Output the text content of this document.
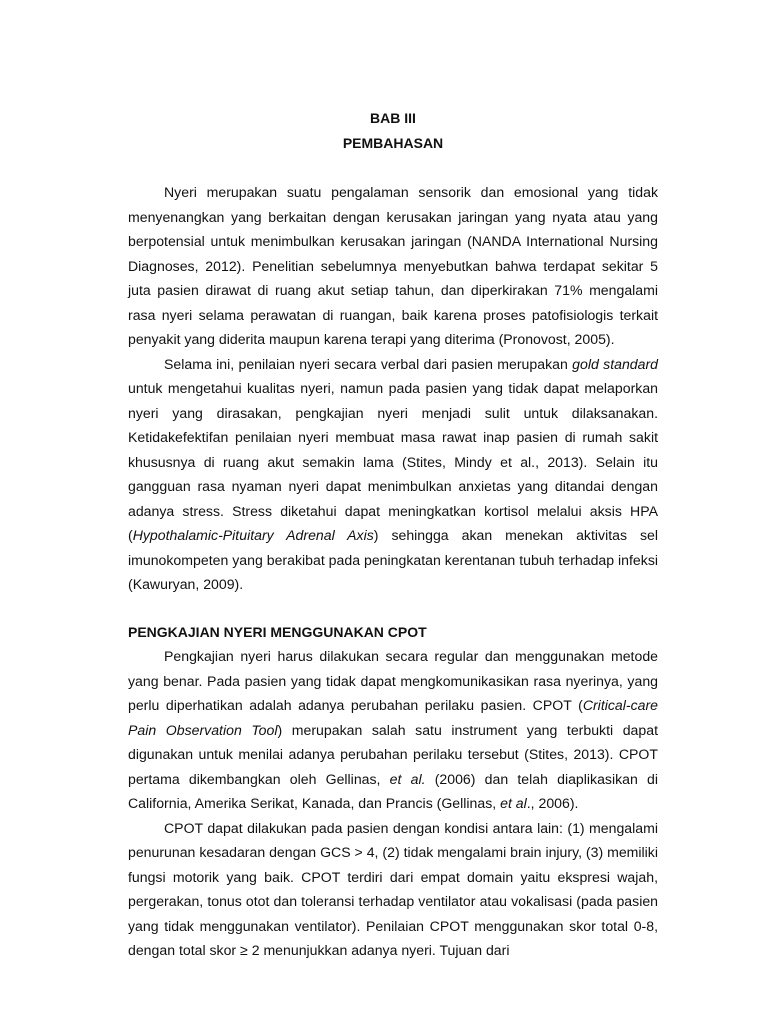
BAB III

PEMBAHASAN

Nyeri merupakan suatu pengalaman sensorik dan emosional yang tidak menyenangkan yang berkaitan dengan kerusakan jaringan yang nyata atau yang berpotensial untuk menimbulkan kerusakan jaringan (NANDA International Nursing Diagnoses, 2012). Penelitian sebelumnya menyebutkan bahwa terdapat sekitar 5 juta pasien dirawat di ruang akut setiap tahun, dan diperkirakan 71% mengalami rasa nyeri selama perawatan di ruangan, baik karena proses patofisiologis terkait penyakit yang diderita maupun karena terapi yang diterima (Pronovost, 2005).

Selama ini, penilaian nyeri secara verbal dari pasien merupakan gold standard untuk mengetahui kualitas nyeri, namun pada pasien yang tidak dapat melaporkan nyeri yang dirasakan, pengkajian nyeri menjadi sulit untuk dilaksanakan. Ketidakefektifan penilaian nyeri membuat masa rawat inap pasien di rumah sakit khususnya di ruang akut semakin lama (Stites, Mindy et al., 2013). Selain itu gangguan rasa nyaman nyeri dapat menimbulkan anxietas yang ditandai dengan adanya stress. Stress diketahui dapat meningkatkan kortisol melalui aksis HPA (Hypothalamic-Pituitary Adrenal Axis) sehingga akan menekan aktivitas sel imunokompeten yang berakibat pada peningkatan kerentanan tubuh terhadap infeksi (Kawuryan, 2009).

PENGKAJIAN NYERI MENGGUNAKAN CPOT

Pengkajian nyeri harus dilakukan secara regular dan menggunakan metode yang benar. Pada pasien yang tidak dapat mengkomunikasikan rasa nyerinya, yang perlu diperhatikan adalah adanya perubahan perilaku pasien. CPOT (Critical-care Pain Observation Tool) merupakan salah satu instrument yang terbukti dapat digunakan untuk menilai adanya perubahan perilaku tersebut (Stites, 2013). CPOT pertama dikembangkan oleh Gellinas, et al. (2006) dan telah diaplikasikan di California, Amerika Serikat, Kanada, dan Prancis (Gellinas, et al., 2006).

CPOT dapat dilakukan pada pasien dengan kondisi antara lain: (1) mengalami penurunan kesadaran dengan GCS > 4, (2) tidak mengalami brain injury, (3) memiliki fungsi motorik yang baik. CPOT terdiri dari empat domain yaitu ekspresi wajah, pergerakan, tonus otot dan toleransi terhadap ventilator atau vokalisasi (pada pasien yang tidak menggunakan ventilator). Penilaian CPOT menggunakan skor total 0-8, dengan total skor ≥ 2 menunjukkan adanya nyeri. Tujuan dari
